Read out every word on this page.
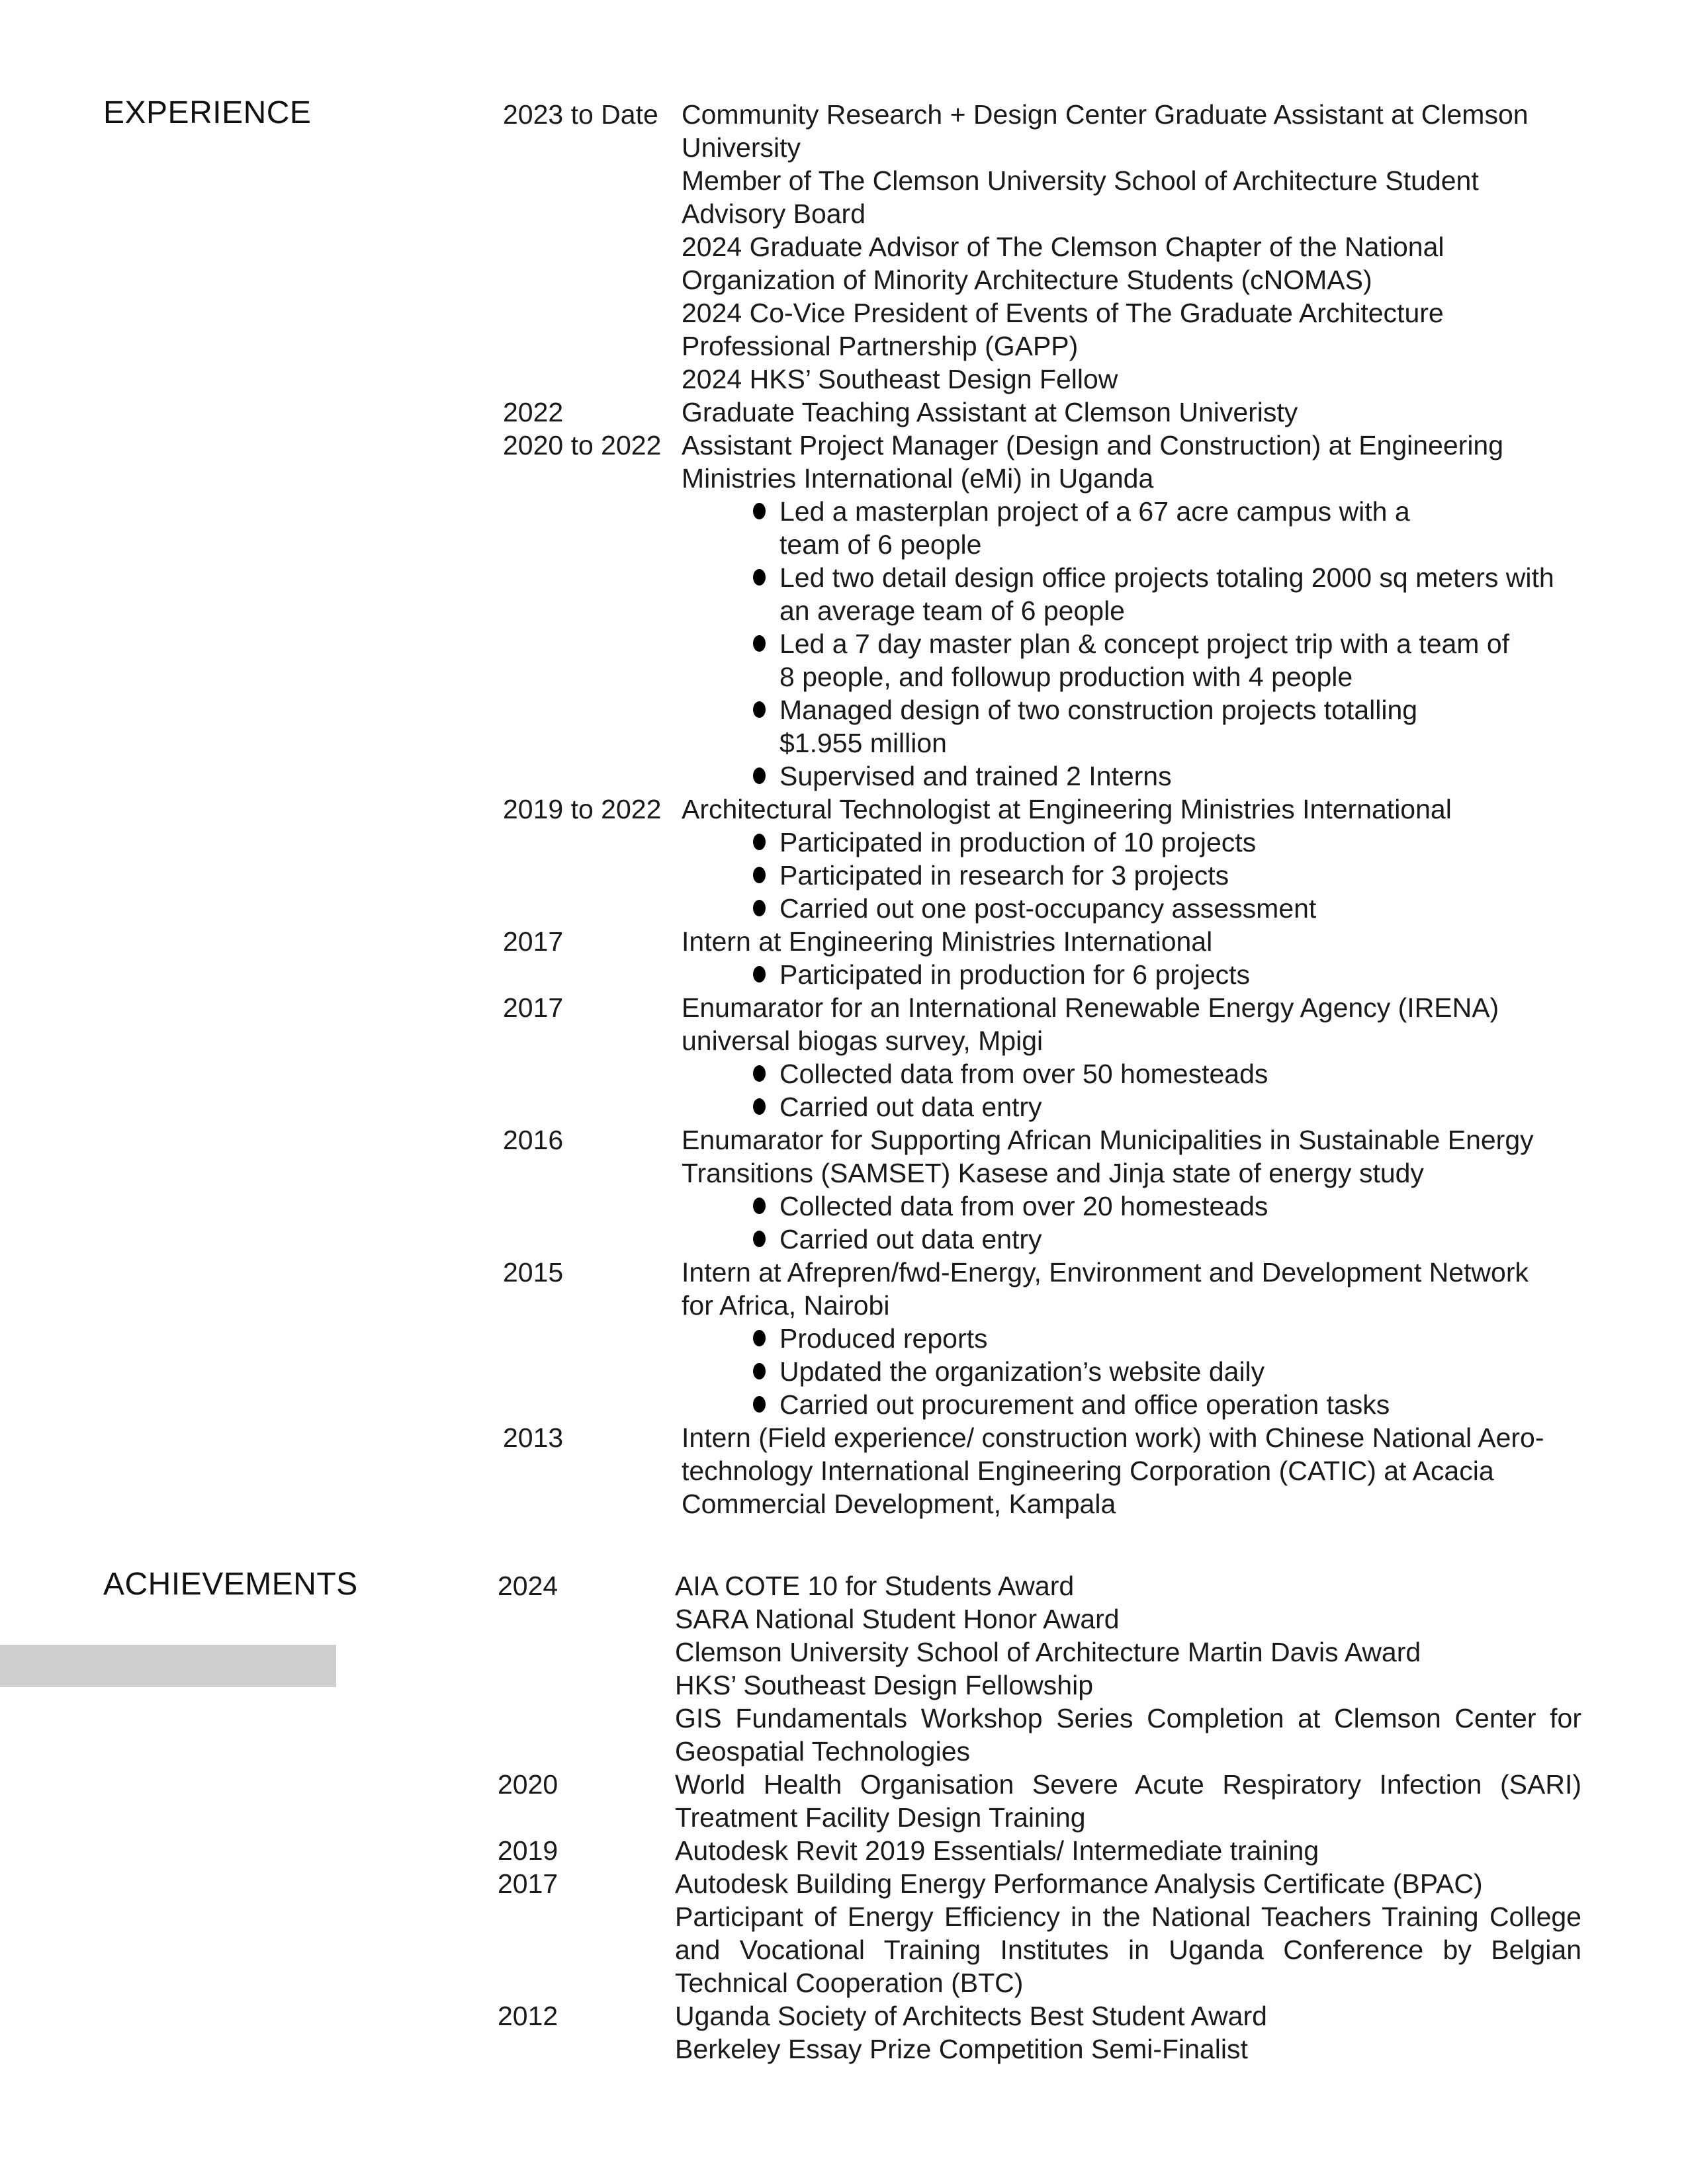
EXPERIENCE
ACHIEVEMENTS
2023 to Date Community Research + Design Center Graduate Assistant at Clemson

University

Member of The Clemson University School of Architecture Student

Advisory Board

2024 Graduate Advisor of The Clemson Chapter of the National

Organization of Minority Architecture Students (cNOMAS)

2024 Co-Vice President of Events of The Graduate Architecture

Professional Partnership (GAPP)

2024 HKS’ Southeast Design Fellow

2022	Graduate Teaching Assistant at Clemson Univeristy

2020 to 2022 Assistant Project Manager (Design and Construction) at Engineering

Ministries International (eMi) in Uganda

Led a masterplan project of a 67 acre campus with a
team of 6 people
Led two detail design office projects totaling 2000 sq meters with
an average team of 6 people
Led a 7 day master plan & concept project trip with a team of
8 people, and followup production with 4 people
Managed design of two construction projects totalling
$1.955 million
Supervised and trained 2 Interns
2019 to 2022 Architectural Technologist at Engineering Ministries International

Participated in production of 10 projects
Participated in research for 3 projects
Carried out one post-occupancy assessment
2017	Intern at Engineering Ministries International

Participated in production for 6 projects
2017	Enumarator for an International Renewable Energy Agency (IRENA)

universal biogas survey, Mpigi

Collected data from over 50 homesteads
Carried out data entry
2016	Enumarator for Supporting African Municipalities in Sustainable Energy

Transitions (SAMSET) Kasese and Jinja state of energy study

Collected data from over 20 homesteads
Carried out data entry
2015	Intern at Afrepren/fwd-Energy, Environment and Development Network

for Africa, Nairobi

Produced reports
Updated the organization’s website daily
Carried out procurement and office operation tasks
2013	Intern (Field experience/ construction work) with Chinese National Aero-

technology International Engineering Corporation (CATIC) at Acacia

Commercial Development, Kampala

2024	AIA COTE 10 for Students Award

SARA National Student Honor Award

Clemson University School of Architecture Martin Davis Award

HKS’ Southeast Design Fellowship

GIS Fundamentals Workshop Series Completion at Clemson Center for Geospatial Technologies

2020	World Health Organisation Severe Acute Respiratory Infection (SARI) Treatment Facility Design Training

2019	Autodesk Revit 2019 Essentials/ Intermediate training

2017	Autodesk Building Energy Performance Analysis Certificate (BPAC)

Participant of Energy Efficiency in the National Teachers Training College and Vocational Training Institutes in Uganda Conference by Belgian Technical Cooperation (BTC)

2012	Uganda Society of Architects Best Student Award

Berkeley Essay Prize Competition Semi-Finalist
